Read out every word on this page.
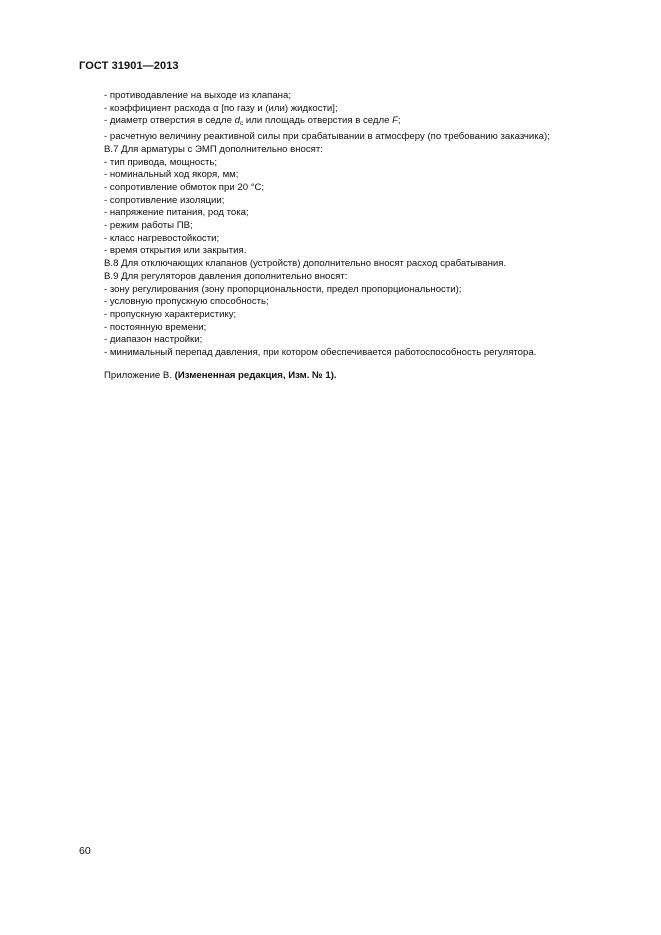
ГОСТ 31901—2013
- противодавление на выходе из клапана;
- коэффициент расхода α [по газу и (или) жидкости];
- диаметр отверстия в седле $d_с$ или площадь отверстия в седле F;
- расчетную величину реактивной силы при срабатывании в атмосферу (по требованию заказчика);
В.7 Для арматуры с ЭМП дополнительно вносят:
- тип привода, мощность;
- номинальный ход якоря, мм;
- сопротивление обмоток при 20 °С;
- сопротивление изоляции;
- напряжение питания, род тока;
- режим работы ПВ;
- класс нагревостойкости;
- время открытия или закрытия.
В.8 Для отключающих клапанов (устройств) дополнительно вносят расход срабатывания.
В.9 Для регуляторов давления дополнительно вносят:
- зону регулирования (зону пропорциональности, предел пропорциональности);
- условную пропускную способность;
- пропускную характеристику;
- постоянную времени;
- диапазон настройки;
- минимальный перепад давления, при котором обеспечивается работоспособность регулятора.
Приложение В. (Измененная редакция, Изм. № 1).
60
